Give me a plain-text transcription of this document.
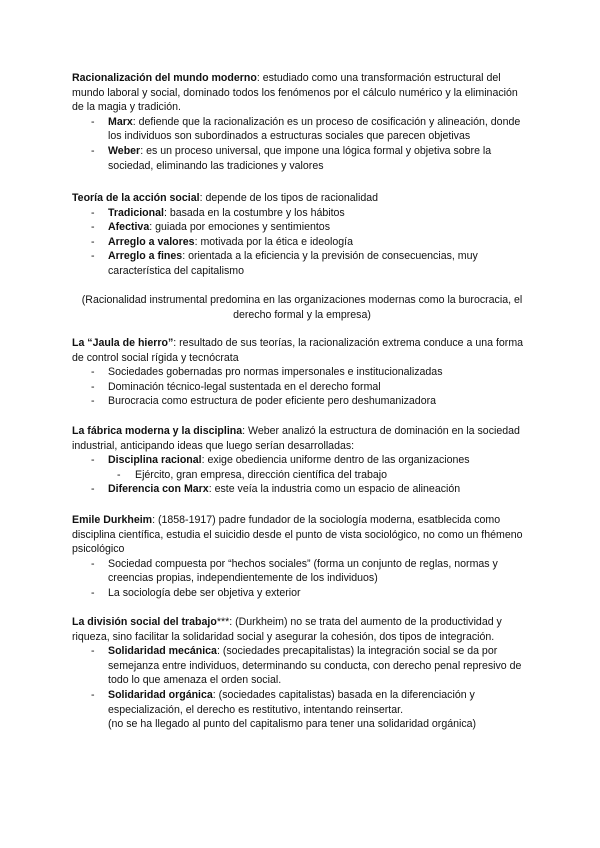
Racionalización del mundo moderno: estudiado como una transformación estructural del mundo laboral y social, dominado todos los fenómenos por el cálculo numérico y la eliminación de la magia y tradición.

- Marx: defiende que la racionalización es un proceso de cosificación y alineación, donde los individuos son subordinados a estructuras sociales que parecen objetivas
- Weber: es un proceso universal, que impone una lógica formal y objetiva sobre la sociedad, eliminando las tradiciones y valores

Teoría de la acción social: depende de los tipos de racionalidad

- Tradicional: basada en la costumbre y los hábitos
- Afectiva: guiada por emociones y sentimientos
- Arreglo a valores: motivada por la ética e ideología
- Arreglo a fines: orientada a la eficiencia y la previsión de consecuencias, muy característica del capitalismo

(Racionalidad instrumental predomina en las organizaciones modernas como la burocracia, el derecho formal y la empresa)

La “Jaula de hierro”: resultado de sus teorías, la racionalización extrema conduce a una forma de control social rígida y tecnócrata

- Sociedades gobernadas pro normas impersonales e institucionalizadas
- Dominación técnico-legal sustentada en el derecho formal
- Burocracia como estructura de poder eficiente pero deshumanizadora

La fábrica moderna y la disciplina: Weber analizó la estructura de dominación en la sociedad industrial, anticipando ideas que luego serían desarrolladas:

- Disciplina racional: exige obediencia uniforme dentro de las organizaciones
- Ejército, gran empresa, dirección científica del trabajo
- Diferencia con Marx: este veía la industria como un espacio de alineación

Emile Durkheim: (1858-1917) padre fundador de la sociología moderna, esatblecida como disciplina científica, estudia el suicidio desde el punto de vista sociológico, no como un fhémeno psicológico

- Sociedad compuesta por “hechos sociales” (forma un conjunto de reglas, normas y creencias propias, independientemente de los individuos)
- La sociología debe ser objetiva y exterior

La división social del trabajo***: (Durkheim) no se trata del aumento de la productividad y riqueza, sino facilitar la solidaridad social y asegurar la cohesión, dos tipos de integración.

- Solidaridad mecánica: (sociedades precapitalistas) la integración social se da por semejanza entre individuos, determinando su conducta, con derecho penal represivo de todo lo que amenaza el orden social.
- Solidaridad orgánica: (sociedades capitalistas) basada en la diferenciación y especialización, el derecho es restitutivo, intentando reinsertar.
(no se ha llegado al punto del capitalismo para tener una solidaridad orgánica)
